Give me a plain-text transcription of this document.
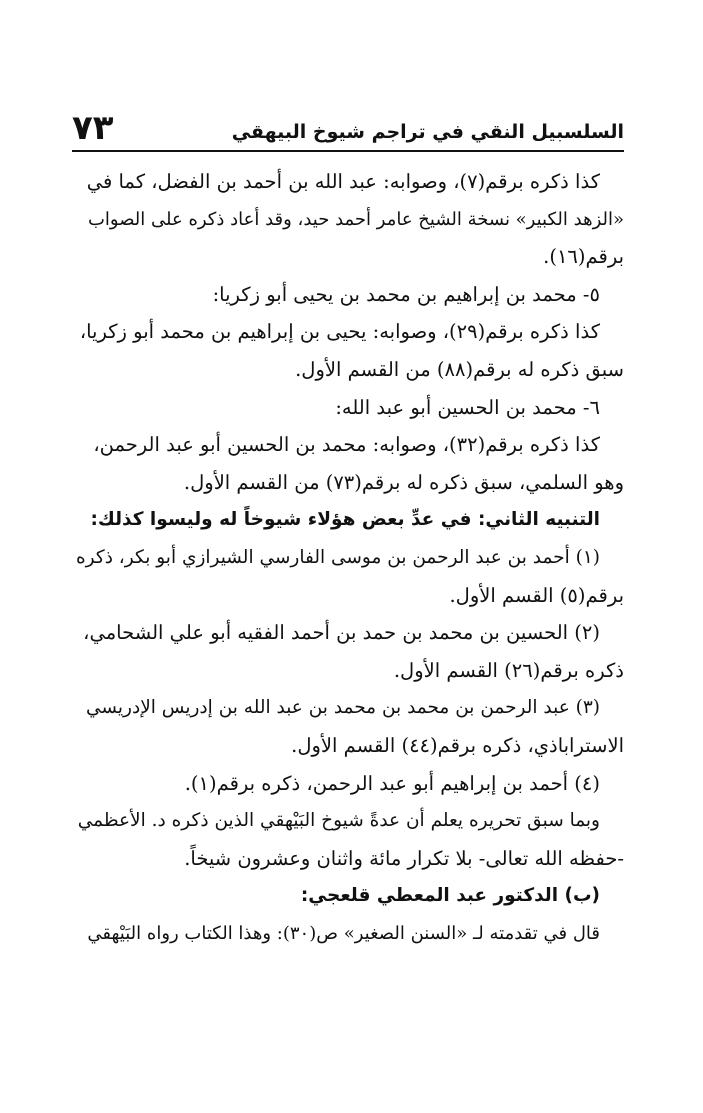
٧٣	السلسبيل النقي في تراجم شيوخ البيهقي
كذا ذكره برقم(٧)، وصوابه: عبد الله بن أحمد بن الفضل، كما في
«الزهد الكبير» نسخة الشيخ عامر أحمد حيد، وقد أعاد ذكره على الصواب
برقم(١٦).
٥- محمد بن إبراهيم بن محمد بن يحيى أبو زكريا:
كذا ذكره برقم(٢٩)، وصوابه: يحيى بن إبراهيم بن محمد أبو زكريا،
سبق ذكره له برقم(٨٨) من القسم الأول.
٦- محمد بن الحسين أبو عبد الله:
كذا ذكره برقم(٣٢)، وصوابه: محمد بن الحسين أبو عبد الرحمن،
وهو السلمي، سبق ذكره له برقم(٧٣) من القسم الأول.
التنبيه الثاني: في عدِّ بعض هؤلاء شيوخاً له وليسوا كذلك:
(١) أحمد بن عبد الرحمن بن موسى الفارسي الشيرازي أبو بكر، ذكره
برقم(٥) القسم الأول.
(٢) الحسين بن محمد بن حمد بن أحمد الفقيه أبو علي الشحامي،
ذكره برقم(٢٦) القسم الأول.
(٣) عبد الرحمن بن محمد بن محمد بن عبد الله بن إدريس الإدريسي
الاستراباذي، ذكره برقم(٤٤) القسم الأول.
(٤) أحمد بن إبراهيم أبو عبد الرحمن، ذكره برقم(١).
وبما سبق تحريره يعلم أن عدةً شيوخ البَيْهقي الذين ذكره د. الأعظمي
-حفظه الله تعالى- بلا تكرار مائة واثنان وعشرون شيخاً.
(ب) الدكتور عبد المعطي قلعجي:
قال في تقدمته لـ «السنن الصغير» ص(٣٠): وهذا الكتاب رواه البَيْهقي
